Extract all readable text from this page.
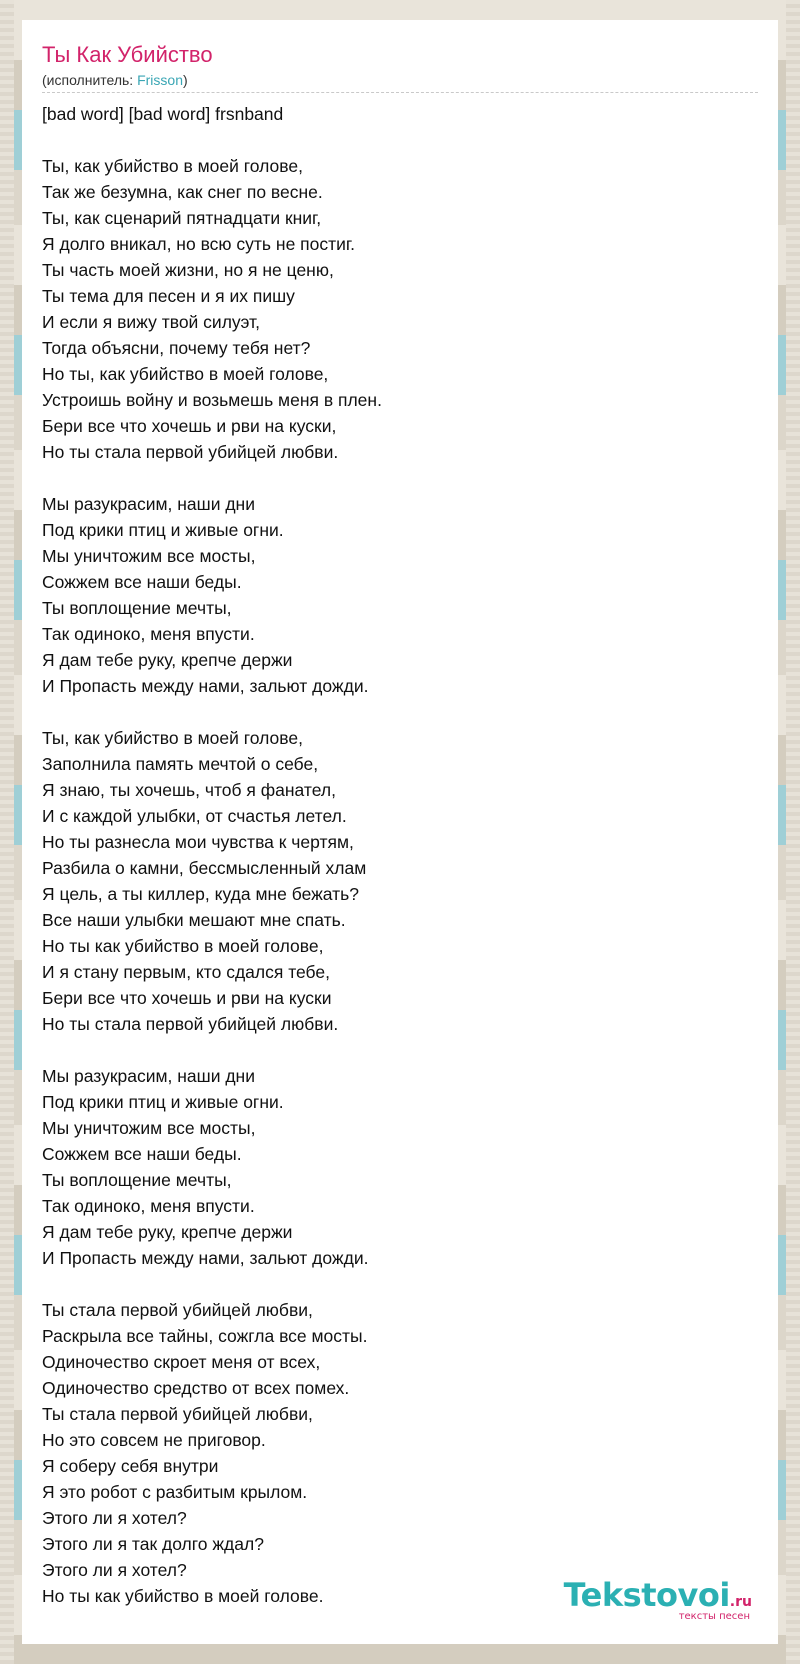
Ты Как Убийство
(исполнитель: Frisson)
[bad word] [bad word] frsnband
Ты, как убийство в моей голове,
Так же безумна, как снег по весне.
Ты, как сценарий пятнадцати книг,
Я долго вникал, но всю суть не постиг.
Ты часть моей жизни, но я не ценю,
Ты тема для песен и я их пишу
И если я вижу твой силуэт,
Тогда объясни, почему тебя нет?
Но ты, как убийство в моей голове,
Устроишь войну и возьмешь меня в плен.
Бери все что хочешь и рви на куски,
Но ты стала первой убийцей любви.
Мы разукрасим, наши дни
Под крики птиц и живые огни.
Мы уничтожим все мосты,
Сожжем все наши беды.
Ты воплощение мечты,
Так одиноко, меня впусти.
Я дам тебе руку, крепче держи
И Пропасть между нами, зальют дожди.
Ты, как убийство в моей голове,
Заполнила память мечтой о себе,
Я знаю, ты хочешь, чтоб я фанател,
И с каждой улыбки, от счастья летел.
Но ты разнесла мои чувства к чертям,
Разбила о камни, бессмысленный хлам
Я цель, а ты киллер, куда мне бежать?
Все наши улыбки мешают мне спать.
Но ты как убийство в моей голове,
И я стану первым, кто сдался тебе,
Бери все что хочешь и рви на куски
Но ты стала первой убийцей любви.
Мы разукрасим, наши дни
Под крики птиц и живые огни.
Мы уничтожим все мосты,
Сожжем все наши беды.
Ты воплощение мечты,
Так одиноко, меня впусти.
Я дам тебе руку, крепче держи
И Пропасть между нами, зальют дожди.
Ты стала первой убийцей любви,
Раскрыла все тайны, сожгла все мосты.
Одиночество скроет меня от всех,
Одиночество средство от всех помех.
Ты стала первой убийцей любви,
Но это совсем не приговор.
Я соберу себя внутри
Я это робот с разбитым крылом.
Этого ли я хотел?
Этого ли я так долго ждал?
Этого ли я хотел?
Но ты как убийство в моей голове.	Tekstovoi.ru
тексты песен
